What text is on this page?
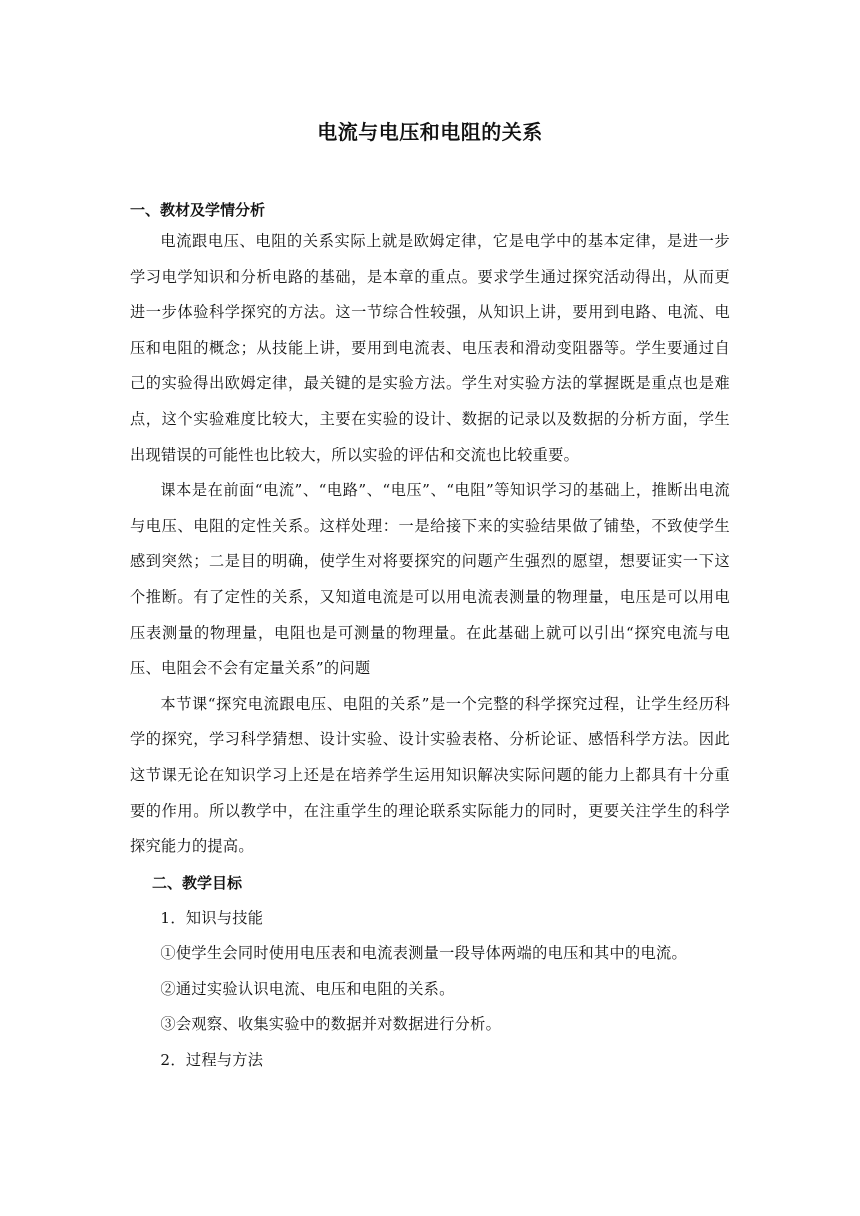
电流与电压和电阻的关系
一、教材及学情分析

电流跟电压、电阻的关系实际上就是欧姆定律，它是电学中的基本定律，是进一步学习电学知识和分析电路的基础，是本章的重点。要求学生通过探究活动得出，从而更进一步体验科学探究的方法。这一节综合性较强，从知识上讲，要用到电路、电流、电压和电阻的概念；从技能上讲，要用到电流表、电压表和滑动变阻器等。学生要通过自己的实验得出欧姆定律，最关键的是实验方法。学生对实验方法的掌握既是重点也是难点，这个实验难度比较大，主要在实验的设计、数据的记录以及数据的分析方面，学生出现错误的可能性也比较大，所以实验的评估和交流也比较重要。

课本是在前面“电流”、“电路”、“电压”、“电阻”等知识学习的基础上，推断出电流与电压、电阻的定性关系。这样处理：一是给接下来的实验结果做了铺垫，不致使学生感到突然；二是目的明确，使学生对将要探究的问题产生强烈的愿望，想要证实一下这个推断。有了定性的关系，又知道电流是可以用电流表测量的物理量，电压是可以用电压表测量的物理量，电阻也是可测量的物理量。在此基础上就可以引出“探究电流与电压、电阻会不会有定量关系”的问题

本节课“探究电流跟电压、电阻的关系”是一个完整的科学探究过程，让学生经历科学的探究，学习科学猜想、设计实验、设计实验表格、分析论证、感悟科学方法。因此这节课无论在知识学习上还是在培养学生运用知识解决实际问题的能力上都具有十分重要的作用。所以教学中，在注重学生的理论联系实际能力的同时，更要关注学生的科学探究能力的提高。

二、教学目标

1．知识与技能

①使学生会同时使用电压表和电流表测量一段导体两端的电压和其中的电流。

②通过实验认识电流、电压和电阻的关系。

③会观察、收集实验中的数据并对数据进行分析。

2．过程与方法
